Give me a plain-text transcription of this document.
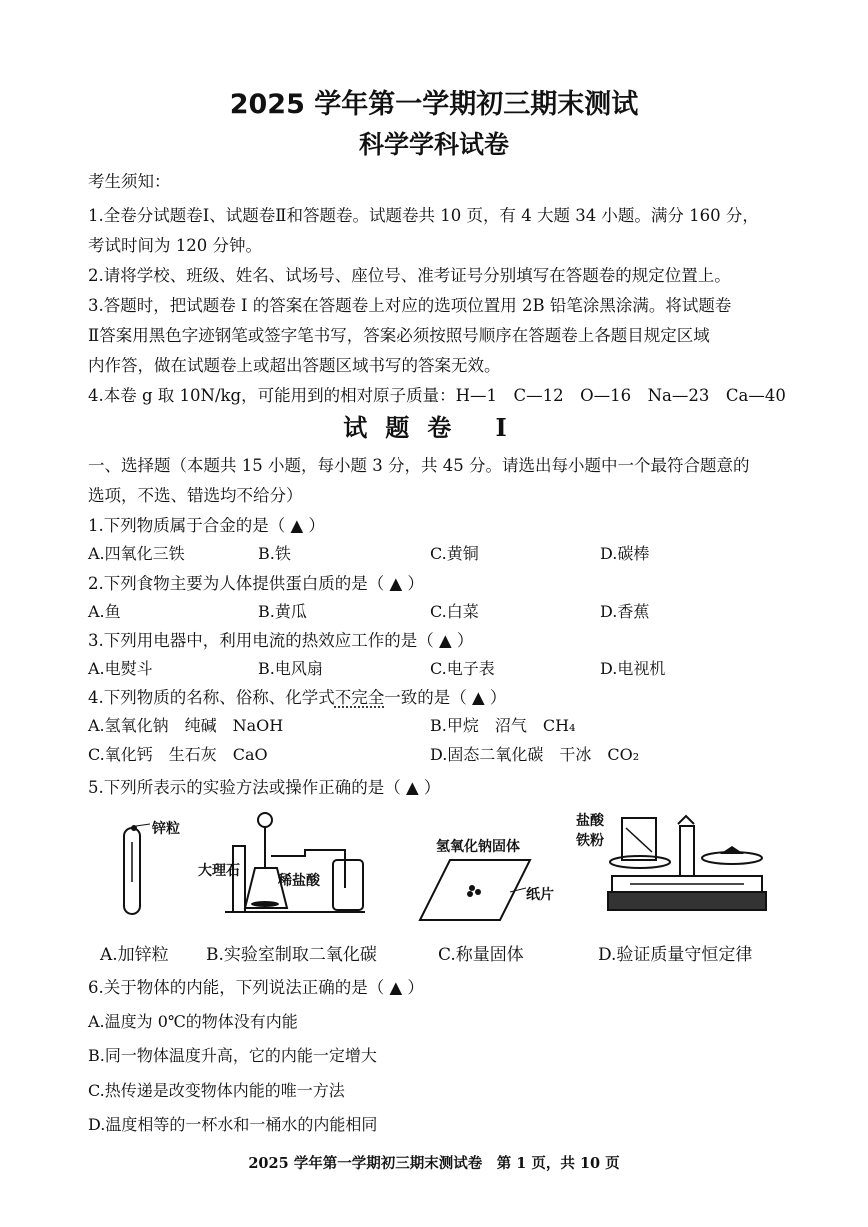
2025 学年第一学期初三期末测试
科学学科试卷
考生须知：
1.全卷分试题卷Ⅰ、试题卷Ⅱ和答题卷。试题卷共 10 页，有 4 大题 34 小题。满分 160 分，
考试时间为 120 分钟。
2.请将学校、班级、姓名、试场号、座位号、准考证号分别填写在答题卷的规定位置上。
3.答题时，把试题卷 I 的答案在答题卷上对应的选项位置用 2B 铅笔涂黑涂满。将试题卷
Ⅱ答案用黑色字迹钢笔或签字笔书写，答案必须按照号顺序在答题卷上各题目规定区域
内作答，做在试题卷上或超出答题区域书写的答案无效。
4.本卷 g 取 10N/kg，可能用到的相对原子质量：H—1　C—12　O—16　Na—23　Ca—40
试题卷 I
一、选择题（本题共 15 小题，每小题 3 分，共 45 分。请选出每小题中一个最符合题意的
选项，不选、错选均不给分）
1.下列物质属于合金的是（ ▲ ）
A.四氧化三铁	B.铁	C.黄铜	D.碳棒
2.下列食物主要为人体提供蛋白质的是（ ▲ ）
A.鱼	B.黄瓜	C.白菜	D.香蕉
3.下列用电器中，利用电流的热效应工作的是（ ▲ ）
A.电熨斗	B.电风扇	C.电子表	D.电视机
4.下列物质的名称、俗称、化学式不完全一致的是（ ▲ ）
A.氢氧化钠　纯碱　NaOH	B.甲烷　沼气　CH₄
C.氧化钙　生石灰　CaO	D.固态二氧化碳　干冰　CO₂
5.下列所表示的实验方法或操作正确的是（ ▲ ）
锌粒
大理石
稀盐酸
氢氧化钠固体
纸片
盐酸
铁粉
A.加锌粒 B.实验室制取二氧化碳	C.称量固体	D.验证质量守恒定律
6.关于物体的内能，下列说法正确的是（ ▲ ）
A.温度为 0℃的物体没有内能
B.同一物体温度升高，它的内能一定增大
C.热传递是改变物体内能的唯一方法
D.温度相等的一杯水和一桶水的内能相同
2025 学年第一学期初三期末测试卷　第 1 页，共 10 页
